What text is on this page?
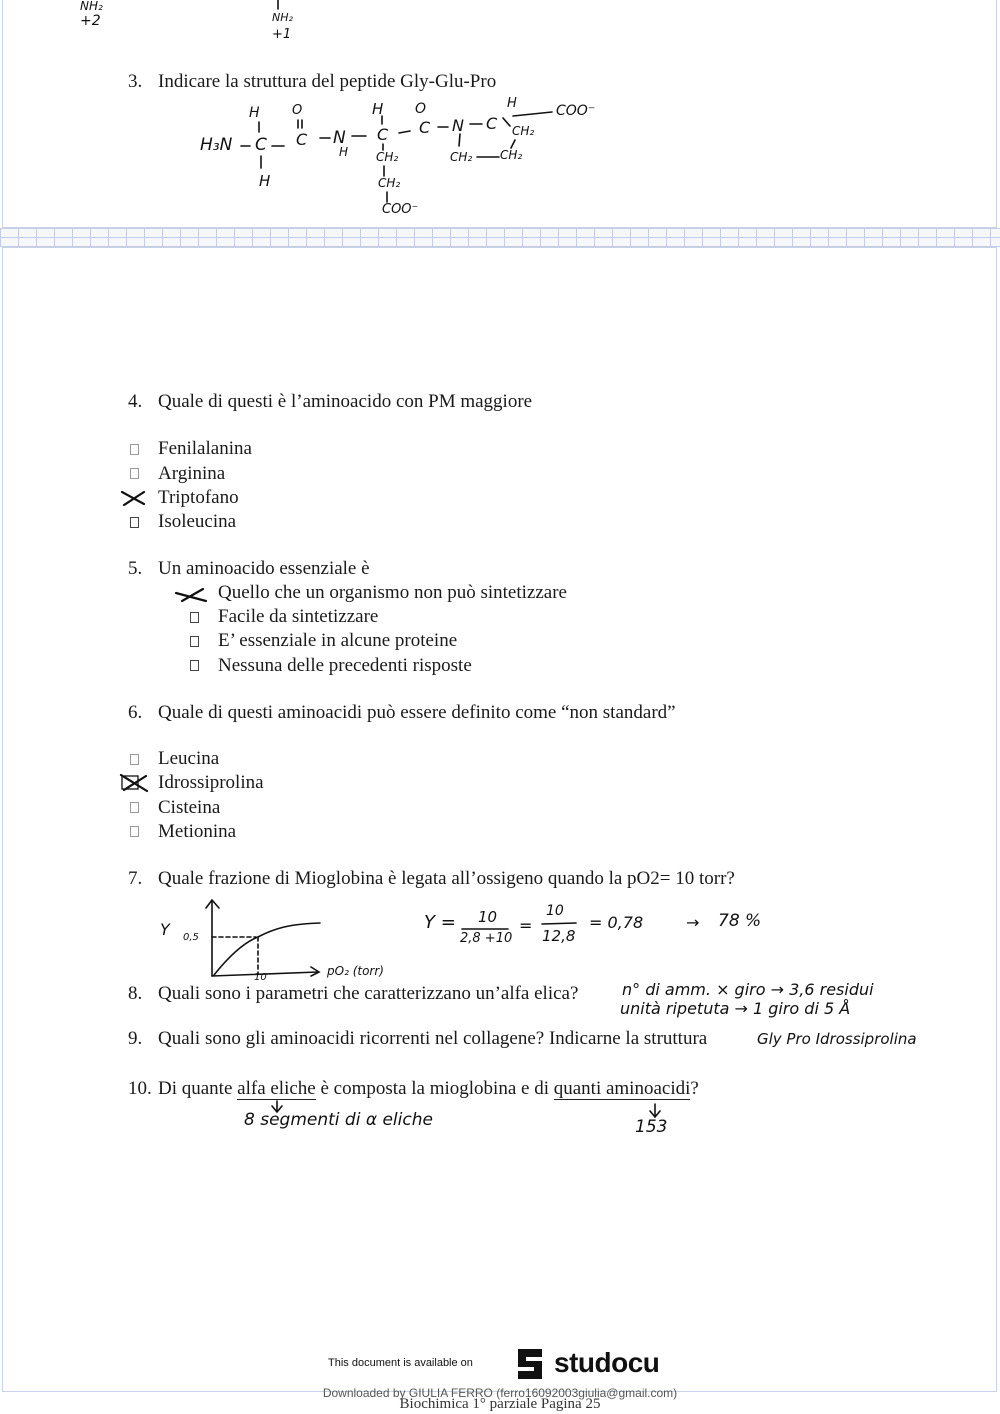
NH₂
+2	NH₂
+1
3. Indicare la struttura del peptide Gly-Glu-Pro
H₃N
H
C
H
O
C N
H
H
C
CH₂
CH₂
COO⁻
O
C N C
H	COO⁻
CH₂
CH₂ CH₂
4. Quale di questi è l’aminoacido con PM maggiore
Fenilalanina
Arginina
Triptofano
Isoleucina
5. Un aminoacido essenziale è
Quello che un organismo non può sintetizzare
Facile da sintetizzare
E’ essenziale in alcune proteine
Nessuna delle precedenti risposte
6. Quale di questi aminoacidi può essere definito come “non standard”
Leucina
Idrossiprolina
Cisteina
Metionina
7. Quale frazione di Mioglobina è legata all’ossigeno quando la pO2= 10 torr?
Y 0,5
10	pO₂ (torr)
Y = 10
2,8 +10
=
10
12,8
= 0,78	→ 78 %
8. Quali sono i parametri che caratterizzano un’alfa elica?	n° di amm. × giro → 3,6 residui
unità ripetuta → 1 giro di 5 Å
9. Quali sono gli aminoacidi ricorrenti nel collagene? Indicarne la struttura	Gly Pro Idrossiprolina
10. Di quante alfa eliche è composta la mioglobina e di quanti aminoacidi?
8 segmenti di α eliche	153
This document is available on	studocu
Downloaded by GIULIA FERRO (ferro16092003giulia@gmail.com)
Biochimica 1° parziale Pagina 25
